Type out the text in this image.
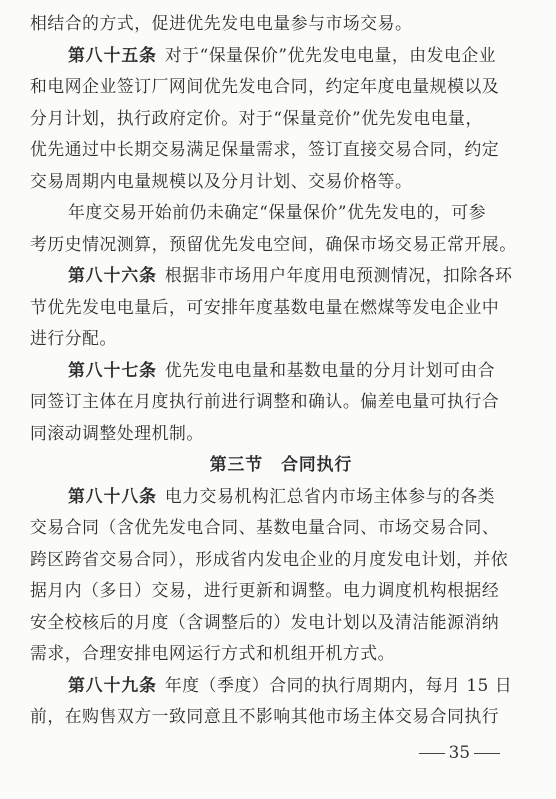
相结合的方式，促进优先发电电量参与市场交易。
第八十五条 对于“保量保价”优先发电电量，由发电企业
和电网企业签订厂网间优先发电合同，约定年度电量规模以及
分月计划，执行政府定价。对于“保量竞价”优先发电电量，
优先通过中长期交易满足保量需求，签订直接交易合同，约定
交易周期内电量规模以及分月计划、交易价格等。
年度交易开始前仍未确定“保量保价”优先发电的，可参
考历史情况测算，预留优先发电空间，确保市场交易正常开展。
第八十六条 根据非市场用户年度用电预测情况，扣除各环
节优先发电电量后，可安排年度基数电量在燃煤等发电企业中
进行分配。
第八十七条 优先发电电量和基数电量的分月计划可由合
同签订主体在月度执行前进行调整和确认。偏差电量可执行合
同滚动调整处理机制。
第三节 合同执行
第八十八条 电力交易机构汇总省内市场主体参与的各类
交易合同（含优先发电合同、基数电量合同、市场交易合同、
跨区跨省交易合同），形成省内发电企业的月度发电计划，并依
据月内（多日）交易，进行更新和调整。电力调度机构根据经
安全校核后的月度（含调整后的）发电计划以及清洁能源消纳
需求，合理安排电网运行方式和机组开机方式。
第八十九条 年度（季度）合同的执行周期内，每月 15 日
前，在购售双方一致同意且不影响其他市场主体交易合同执行
35
